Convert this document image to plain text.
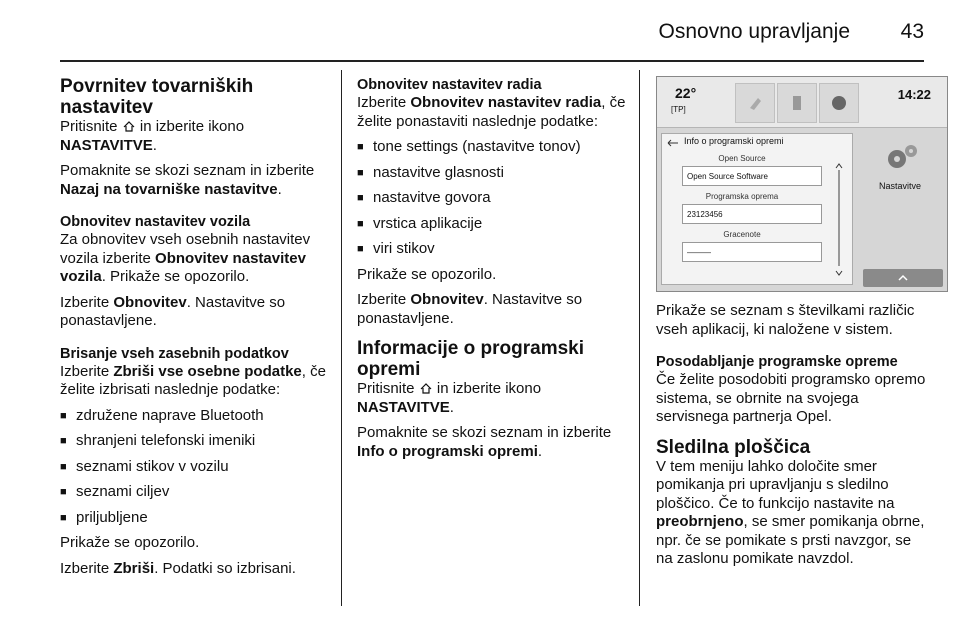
Osnovno upravljanje 43
Povrnitev tovarniških nastavitev

Pritisnite  in izberite ikono
NASTAVITVE.

Pomaknite se skozi seznam in izberite Nazaj na tovarniške nastavitve.

Obnovitev nastavitev vozila

Za obnovitev vseh osebnih nastavitev vozila izberite Obnovitev nastavitev vozila. Prikaže se opozorilo.

Izberite Obnovitev. Nastavitve so ponastavljene.

Brisanje vseh zasebnih podatkov

Izberite Zbriši vse osebne podatke, če želite izbrisati naslednje podatke:

■ združene naprave Bluetooth
■ shranjeni telefonski imeniki
■ seznami stikov v vozilu
■ seznami ciljev
■ priljubljene

Prikaže se opozorilo.

Izberite Zbriši. Podatki so izbrisani.

Obnovitev nastavitev radia

Izberite Obnovitev nastavitev radia, če želite ponastaviti naslednje podatke:

■ tone settings (nastavitve tonov)
■ nastavitve glasnosti
■ nastavitve govora
■ vrstica aplikacije
■ viri stikov

Prikaže se opozorilo.

Izberite Obnovitev. Nastavitve so ponastavljene.

Informacije o programski opremi

Pritisnite  in izberite ikono
NASTAVITVE.

Pomaknite se skozi seznam in izberite Info o programski opremi.

22°
[TP]
14:22
Info o programski opremi
Open Source
Open Source Software
Programska oprema
23123456
Gracenote
———
Nastavitve

Prikaže se seznam s številkami različic vseh aplikacij, ki naložene v sistem.

Posodabljanje programske opreme

Če želite posodobiti programsko opremo sistema, se obrnite na svojega servisnega partnerja Opel.

Sledilna ploščica

V tem meniju lahko določite smer pomikanja pri upravljanju s sledilno ploščico. Če to funkcijo nastavite na preobrnjeno, se smer pomikanja obrne, npr. če se pomikate s prsti navzgor, se na zaslonu pomikate navzdol.
